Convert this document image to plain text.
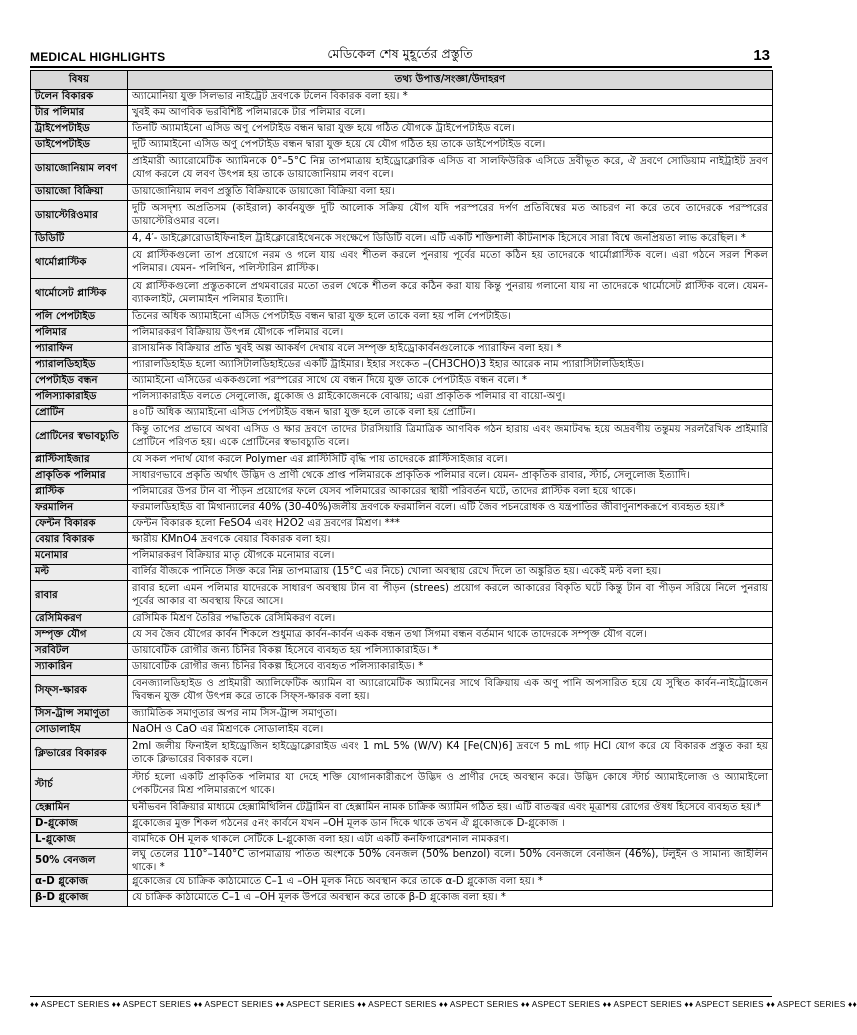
MEDICAL HIGHLIGHTS	মেডিকেল শেষ মুহূর্তের প্রস্তুতি	13
বিষয়	তথ্য উপাত্ত/সংজ্ঞা/উদাহরণ
টলেন বিকারক	অ্যামোনিয়া যুক্ত সিলভার নাইট্রেট দ্রবণকে টলেন বিকারক বলা হয়। *
টার পলিমার	খুবই কম আণবিক ভরবিশিষ্ট পলিমারকে টার পলিমার বলে।
ট্রাইপেপটাইড	তিনটি অ্যামাইনো এসিড অণু পেপটাইড বন্ধন দ্বারা যুক্ত হয়ে গঠিত যৌগকে ট্রাইপেপটাইড বলে।
ডাইপেপটাইড	দুটি অ্যামাইনো এসিড অণু পেপটাইড বন্ধন দ্বারা যুক্ত হয়ে যে যৌগ গঠিত হয় তাকে ডাইপেপটাইড বলে।
ডায়াজোনিয়াম লবণ	প্রাইমারী অ্যারোমেটিক অ্যামিনকে 0°–5°C নিম্ন তাপমাত্রায় হাইড্রোক্লোরিক এসিড বা সালফিউরিক এসিডে দ্রবীভূত করে, ঐ দ্রবণে সোডিয়াম নাইট্রাইট দ্রবণ যোগ করলে যে লবণ উৎপন্ন হয় তাকে ডায়াজোনিয়াম লবণ বলে।
ডায়াজো বিক্রিয়া	ডায়াজোনিয়াম লবণ প্রস্তুতি বিক্রিয়াকে ডায়াজো বিক্রিয়া বলা হয়।
ডায়াস্টেরিওমার	দুটি অসদৃশ্য অপ্রতিসম (কাইরাল) কার্বনযুক্ত দুটি আলোক সক্রিয় যৌগ যদি পরস্পরের দর্পণ প্রতিবিম্বের মত আচরণ না করে তবে তাদেরকে পরস্পরের ডায়াস্টেরিওমার বলে।
ডিডিটি	4, 4′- ডাইক্লোরোডাইফিনাইল ট্রাইক্লোরোইথেনকে সংক্ষেপে ডিডিটি বলে। এটি একটি শক্তিশালী কীটনাশক হিসেবে সারা বিশ্বে জনপ্রিয়তা লাভ করেছিল। *
থার্মোপ্লাস্টিক	যে প্লাস্টিকগুলো তাপ প্রয়োগে নরম ও গলে যায় এবং শীতল করলে পুনরায় পূর্বের মতো কঠিন হয় তাদেরকে থার্মোপ্লাস্টিক বলে। এরা গঠনে সরল শিকল পলিমার। যেমন- পলিথিন, পলিস্টারিন প্লাস্টিক।
থার্মোসেট প্লাস্টিক	যে প্লাস্টিকগুলো প্রস্তুতকালে প্রথমবারের মতো তরল থেকে শীতল করে কঠিন করা যায় কিন্তু পুনরায় গলানো যায় না তাদেরকে থার্মোসেট প্লাস্টিক বলে। যেমন- ব্যাকলাইট, মেলামাইন পলিমার ইত্যাদি।
পলি পেপটাইড	তিনের অধিক অ্যামাইনো এসিড পেপটাইড বন্ধন দ্বারা যুক্ত হলে তাকে বলা হয় পলি পেপটাইড।
পলিমার	পলিমারকরণ বিক্রিয়ায় উৎপন্ন যৌগকে পলিমার বলে।
প্যারাফিন	রাসায়নিক বিক্রিয়ার প্রতি খুবই অল্প আকর্ষণ দেখায় বলে সম্পৃক্ত হাইড্রোকার্বনগুলোকে প্যারাফিন বলা হয়। *
প্যারালডিহাইড	প্যারালডিহাইড হলো অ্যাসিটালডিহাইডের একটি ট্রাইমার। ইহার সংকেত –(CH3CHO)3 ইহার আরেক নাম প্যারাসিটালডিহাইড।
পেপটাইড বন্ধন	অ্যামাইনো এসিডের এককগুলো পরস্পরের সাথে যে বন্ধন দিয়ে যুক্ত তাকে পেপটাইড বন্ধন বলে। *
পলিস্যাকারাইড	পলিস্যাকারাইড বলতে সেলুলোজ, গ্লুকোজ ও গ্লাইকোজেনকে বোঝায়; এরা প্রাকৃতিক পলিমার বা বায়ো-অণু।
প্রোটিন	৪০টি অধিক অ্যামাইনো এসিড পেপটাইড বন্ধন দ্বারা যুক্ত হলে তাকে বলা হয় প্রোটিন।
প্রোটিনের স্বভাবচ্যুতি	কিন্তু তাপের প্রভাবে অথবা এসিড ও ক্ষার দ্রবণে তাদের টারসিয়ারি ত্রিমাত্রিক আণবিক গঠন হারায় এবং জমাটবদ্ধ হয়ে অদ্রবণীয় তন্তুময় সরলরৈখিক প্রাইমারি প্রোটিনে পরিণত হয়। একে প্রোটিনের স্বভাবচ্যুতি বলে।
প্লাস্টিসাইজার	যে সকল পদার্থ যোগ করলে Polymer এর প্লাস্টিসিটি বৃদ্ধি পায় তাদেরকে প্লাস্টিসাইজার বলে।
প্রাকৃতিক পলিমার	সাধারণভাবে প্রকৃতি অর্থাৎ উদ্ভিদ ও প্রাণী থেকে প্রাপ্ত পলিমারকে প্রাকৃতিক পলিমার বলে। যেমন- প্রাকৃতিক রাবার, স্টার্চ, সেলুলোজ ইত্যাদি।
প্লাস্টিক	পলিমারের উপর টান বা পীড়ন প্রয়োগের ফলে যেসব পলিমারের আকারের স্থায়ী পরিবর্তন ঘটে, তাদের প্লাস্টিক বলা হয়ে থাকে।
ফরমালিন	ফরমালডিহাইড বা মিথান্যালের 40% (30-40%)জলীয় দ্রবণকে ফরমালিন বলে। এটি জৈব পচনরোধক ও যন্ত্রপাতির জীবাণুনাশকরূপে ব্যবহৃত হয়।*
ফেন্টন বিকারক	ফেন্টন বিকারক হলো FeSO4 এবং H2O2 এর দ্রবণের মিশ্রণ। ***
বেয়ার বিকারক	ক্ষারীয় KMnO4 দ্রবণকে বেয়ার বিকারক বলা হয়।
মনোমার	পলিমারকরণ বিক্রিয়ার মাতৃ যৌগকে মনোমার বলে।
মল্ট	বার্লির বীজকে পানিতে সিক্ত করে নিম্ন তাপমাত্রায় (15°C এর নিচে) খোলা অবস্থায় রেখে দিলে তা অঙ্কুরিত হয়। একেই মল্ট বলা হয়।
রাবার	রাবার হলো এমন পলিমার যাদেরকে সাধারণ অবস্থায় টান বা পীড়ন (strees) প্রয়োগ করলে আকারের বিকৃতি ঘটে কিন্তু টান বা পীড়ন সরিয়ে নিলে পুনরায় পূর্বের আকার বা অবস্থায় ফিরে আসে।
রেসিমিকরণ	রেসিমিক মিশ্রণ তৈরির পদ্ধতিকে রেসিমিকরণ বলে।
সম্পৃক্ত যৌগ	যে সব জৈব যৌগের কার্বন শিকলে শুধুমাত্র কার্বন-কার্বন একক বন্ধন তথা সিগমা বন্ধন বর্তমান থাকে তাদেরকে সম্পৃক্ত যৌগ বলে।
সরবিটল	ডায়াবেটিক রোগীর জন্য চিনির বিকল্প হিসেবে ব্যবহৃত হয় পলিস্যাকারাইড। *
স্যাকারিন	ডায়াবেটিক রোগীর জন্য চিনির বিকল্প হিসেবে ব্যবহৃত পলিস্যাকারাইড। *
সিফ্স-ক্ষারক	বেনজ্যালডিহাইড ও প্রাইমারী অ্যালিফেটিক অ্যামিন বা অ্যারোমেটিক অ্যামিনের সাথে বিক্রিয়ায় এক অণু পানি অপসারিত হয়ে যে সুস্থিত কার্বন-নাইট্রোজেন দ্বিবন্ধন যুক্ত যৌগ উৎপন্ন করে তাকে সিফ্স-ক্ষারক বলা হয়।
সিস-ট্রান্স সমাণুতা	জ্যামিতিক সমাণুতার অপর নাম সিস-ট্রান্স সমাণুতা।
সোডালাইম	NaOH ও CaO এর মিশ্রণকে সোডালাইম বলে।
ক্লিভারের বিকারক	2ml জলীয় ফিনাইল হাইড্রোজিন হাইড্রোক্লোরাইড এবং 1 mL 5% (W/V) K4 [Fe(CN)6] দ্রবণে 5 mL গাঢ় HCl যোগ করে যে বিকারক প্রস্তুত করা হয় তাকে ক্লিভারের বিকারক বলে।
স্টার্চ	স্টার্চ হলো একটি প্রাকৃতিক পলিমার যা দেহে শক্তি যোগানকারীরূপে উদ্ভিদ ও প্রাণীর দেহে অবস্থান করে। উদ্ভিদ কোষে স্টার্চ অ্যামাইলোজ ও অ্যামাইলো পেকটিনের মিশ্র পলিমাররূপে থাকে।
হেক্সামিন	ঘনীভবন বিক্রিয়ার মাধ্যমে হেক্সামিথিলিন টেট্রামিন বা হেক্সামিন নামক চাক্রিক অ্যামিন গঠিত হয়। এটি বাতজ্বর এবং মূত্রাশয় রোগের ঔষধ হিসেবে ব্যবহৃত হয়।*
D-গ্লুকোজ	গ্লুকোজের মুক্ত শিকল গঠনের ৫নং কার্বনে যখন –OH মূলক ডান দিকে থাকে তখন ঐ গ্লুকোজকে D-গ্লুকোজ ।
L-গ্লুকোজ	বামদিকে OH মূলক থাকলে সেটিকে L-গ্লুকোজ বলা হয়। এটা একটি কনফিগারেশনাল নামকরণ।
50% বেনজল	লঘু তেলের 110°–140°C তাপমাত্রায় পতিত অংশকে 50% বেনজল (50% benzol) বলে। 50% বেনজলে বেনজিন (46%), টলুইন ও সামান্য জাইলিন থাকে। *
α-D গ্লুকোজ	গ্লুকোজের যে চাক্রিক কাঠামোতে C–1 এ –OH মূলক নিচে অবস্থান করে তাকে α-D গ্লুকোজ বলা হয়। *
β-D গ্লুকোজ	যে চাক্রিক কাঠামোতে C–1 এ –OH মূলক উপরে অবস্থান করে তাকে β-D গ্লুকোজ বলা হয়। *
♦♦ ASPECT SERIES ♦♦ ASPECT SERIES ♦♦ ASPECT SERIES ♦♦ ASPECT SERIES ♦♦ ASPECT SERIES ♦♦ ASPECT SERIES ♦♦ ASPECT SERIES ♦♦ ASPECT SERIES ♦♦ ASPECT SERIES ♦♦ ASPECT SERIES ♦♦
